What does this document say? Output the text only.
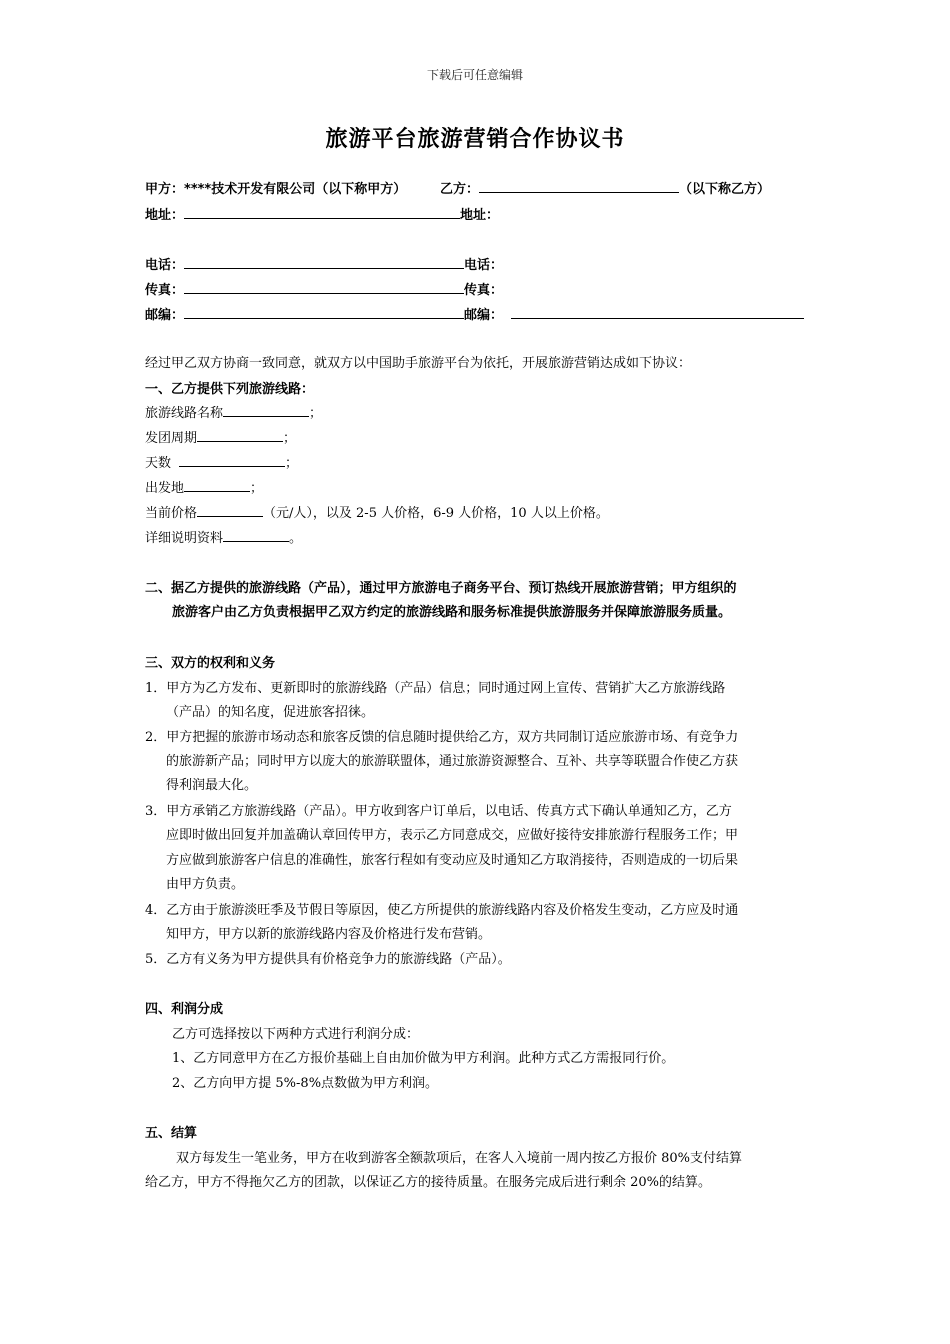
下载后可任意编辑
旅游平台旅游营销合作协议书
甲方：****技术开发有限公司（以下称甲方）	乙方：	（以下称乙方）
地址：	地址：
电话：	电话：
传真：	传真：
邮编：	邮编：
经过甲乙双方协商一致同意，就双方以中国助手旅游平台为依托，开展旅游营销达成如下协议：
一、乙方提供下列旅游线路：
旅游线路名称	；
发团周期	；
天数	；
出发地	；
当前价格	（元/人），以及 2-5 人价格，6-9 人价格，10 人以上价格。
详细说明资料	。
二、据乙方提供的旅游线路（产品），通过甲方旅游电子商务平台、预订热线开展旅游营销；甲方组织的
旅游客户由乙方负责根据甲乙双方约定的旅游线路和服务标准提供旅游服务并保障旅游服务质量。
三、双方的权利和义务
1．甲方为乙方发布、更新即时的旅游线路（产品）信息；同时通过网上宣传、营销扩大乙方旅游线路
（产品）的知名度，促进旅客招徕。
2．甲方把握的旅游市场动态和旅客反馈的信息随时提供给乙方，双方共同制订适应旅游市场、有竞争力
的旅游新产品；同时甲方以庞大的旅游联盟体，通过旅游资源整合、互补、共享等联盟合作使乙方获
得利润最大化。
3．甲方承销乙方旅游线路（产品）。甲方收到客户订单后，以电话、传真方式下确认单通知乙方，乙方
应即时做出回复并加盖确认章回传甲方，表示乙方同意成交，应做好接待安排旅游行程服务工作；甲
方应做到旅游客户信息的准确性，旅客行程如有变动应及时通知乙方取消接待，否则造成的一切后果
由甲方负责。
4．乙方由于旅游淡旺季及节假日等原因，使乙方所提供的旅游线路内容及价格发生变动，乙方应及时通
知甲方，甲方以新的旅游线路内容及价格进行发布营销。
5．乙方有义务为甲方提供具有价格竞争力的旅游线路（产品）。
四、利润分成
乙方可选择按以下两种方式进行利润分成：
1、乙方同意甲方在乙方报价基础上自由加价做为甲方利润。此种方式乙方需报同行价。
2、乙方向甲方提 5%-8%点数做为甲方利润。
五、结算
双方每发生一笔业务，甲方在收到游客全额款项后，在客人入境前一周内按乙方报价 80%支付结算
给乙方，甲方不得拖欠乙方的团款，以保证乙方的接待质量。在服务完成后进行剩余 20%的结算。
